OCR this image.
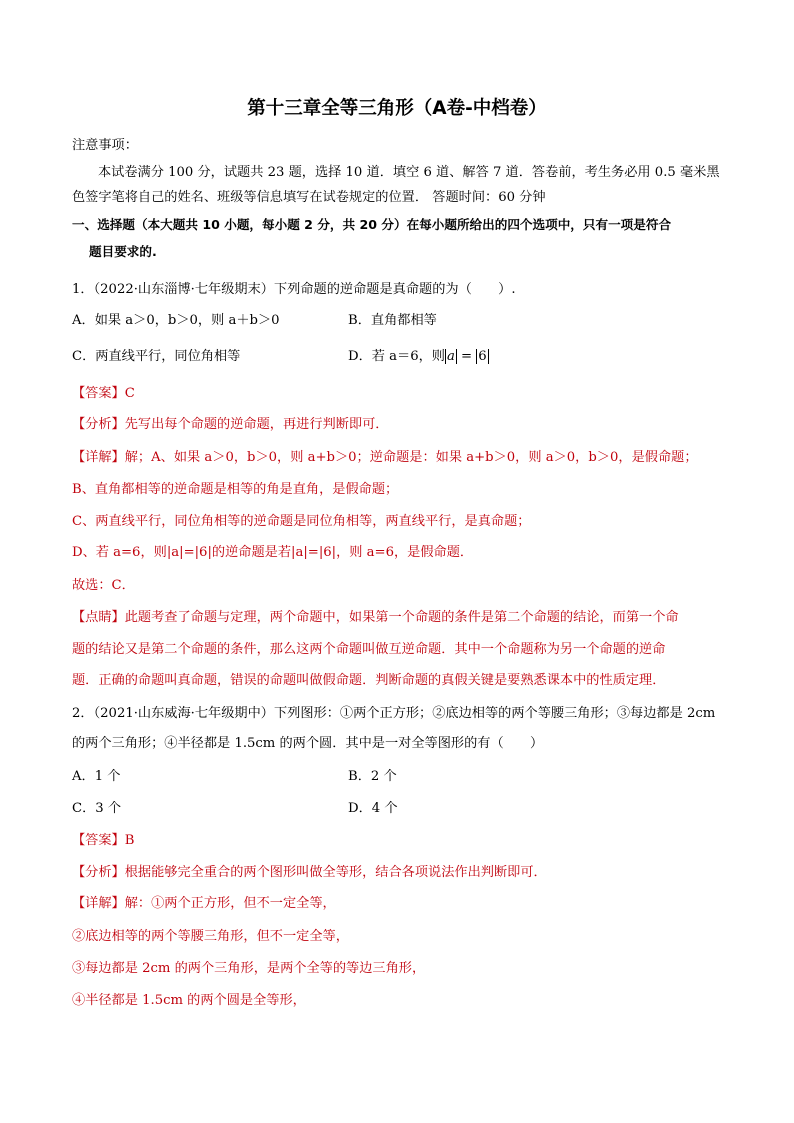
第十三章全等三角形（A卷-中档卷）
注意事项：
本试卷满分 100 分，试题共 23 题，选择 10 道．填空 6 道、解答 7 道．答卷前，考生务必用 0.5 毫米黑
色签字笔将自己的姓名、班级等信息填写在试卷规定的位置． 答题时间：60 分钟
一、选择题（本大题共 10 小题，每小题 2 分，共 20 分）在每小题所给出的四个选项中，只有一项是符合
题目要求的.
1．（2022·山东淄博·七年级期末）下列命题的逆命题是真命题的为（　　）.
A．如果 a＞0，b＞0，则 a＋b＞0	B．直角都相等
C．两直线平行，同位角相等	D．若 a＝6，则 a = 6
【答案】C
【分析】先写出每个命题的逆命题，再进行判断即可．
【详解】解；A、如果 a＞0，b＞0，则 a+b＞0；逆命题是：如果 a+b＞0，则 a＞0，b＞0，是假命题；
B、直角都相等的逆命题是相等的角是直角，是假命题；
C、两直线平行，同位角相等的逆命题是同位角相等，两直线平行，是真命题；
D、若 a=6，则|a|=|6|的逆命题是若|a|=|6|，则 a=6，是假命题．
故选：C．
【点睛】此题考查了命题与定理，两个命题中，如果第一个命题的条件是第二个命题的结论，而第一个命
题的结论又是第二个命题的条件，那么这两个命题叫做互逆命题．其中一个命题称为另一个命题的逆命
题．正确的命题叫真命题，错误的命题叫做假命题．判断命题的真假关键是要熟悉课本中的性质定理．
2．（2021·山东威海·七年级期中）下列图形：①两个正方形；②底边相等的两个等腰三角形；③每边都是 2cm
的两个三角形；④半径都是 1.5cm 的两个圆．其中是一对全等图形的有（　　）
A．1 个	B．2 个
C．3 个	D．4 个
【答案】B
【分析】根据能够完全重合的两个图形叫做全等形，结合各项说法作出判断即可．
【详解】解：①两个正方形，但不一定全等，
②底边相等的两个等腰三角形，但不一定全等，
③每边都是 2cm 的两个三角形，是两个全等的等边三角形，
④半径都是 1.5cm 的两个圆是全等形，
